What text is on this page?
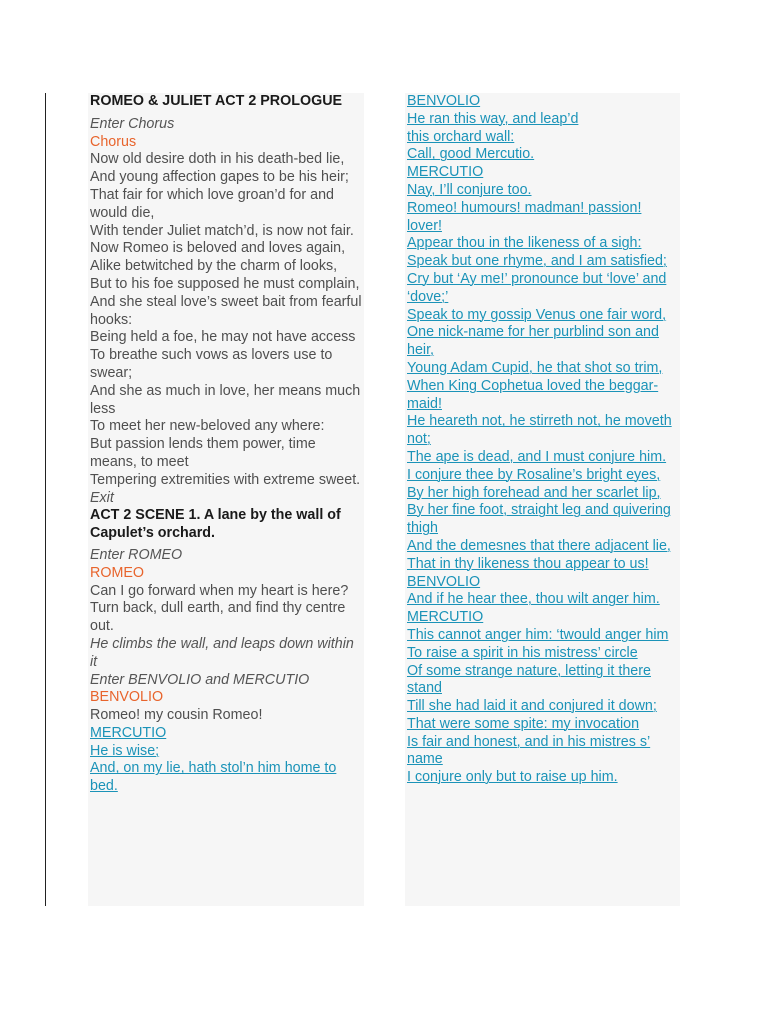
ROMEO & JULIET ACT 2 PROLOGUE

Enter Chorus

Chorus

Now old desire doth in his death-bed lie,

And young affection gapes to be his heir;

That fair for which love groan’d for and would die,

With tender Juliet match’d, is now not fair.

Now Romeo is beloved and loves again,

Alike betwitched by the charm of looks,

But to his foe supposed he must complain,

And she steal love’s sweet bait from fearful hooks:

Being held a foe, he may not have access

To breathe such vows as lovers use to swear;

And she as much in love, her means much less

To meet her new-beloved any where:

But passion lends them power, time means, to meet

Tempering extremities with extreme sweet.

Exit

ACT 2 SCENE 1. A lane by the wall of Capulet’s orchard.

Enter ROMEO

ROMEO

Can I go forward when my heart is here?

Turn back, dull earth, and find thy centre out.

He climbs the wall, and leaps down within it

Enter BENVOLIO and MERCUTIO

BENVOLIO

Romeo! my cousin Romeo!

MERCUTIO

He is wise;

And, on my lie, hath stol’n him home to bed.

BENVOLIO

He ran this way, and leap’d

this orchard wall:

Call, good Mercutio.

MERCUTIO

Nay, I’ll conjure too.

Romeo! humours! madman! passion! lover!

Appear thou in the likeness of a sigh:

Speak but one rhyme, and I am satisfied;

Cry but ‘Ay me!’ pronounce but ‘love’ and ‘dove;’

Speak to my gossip Venus one fair word,

One nick-name for her purblind son and heir,

Young Adam Cupid, he that shot so trim,

When King Cophetua loved the beggar-maid!

He heareth not, he stirreth not, he moveth not;

The ape is dead, and I must conjure him.

I conjure thee by Rosaline’s bright eyes,

By her high forehead and her scarlet lip,

By her fine foot, straight leg and quivering thigh

And the demesnes that there adjacent lie,

That in thy likeness thou appear to us!

BENVOLIO

And if he hear thee, thou wilt anger him.

MERCUTIO

This cannot anger him: ‘twould anger him

To raise a spirit in his mistress’ circle

Of some strange nature, letting it there stand

Till she had laid it and conjured it down;

That were some spite: my invocation

Is fair and honest, and in his mistres s’ name

I conjure only but to raise up him.
